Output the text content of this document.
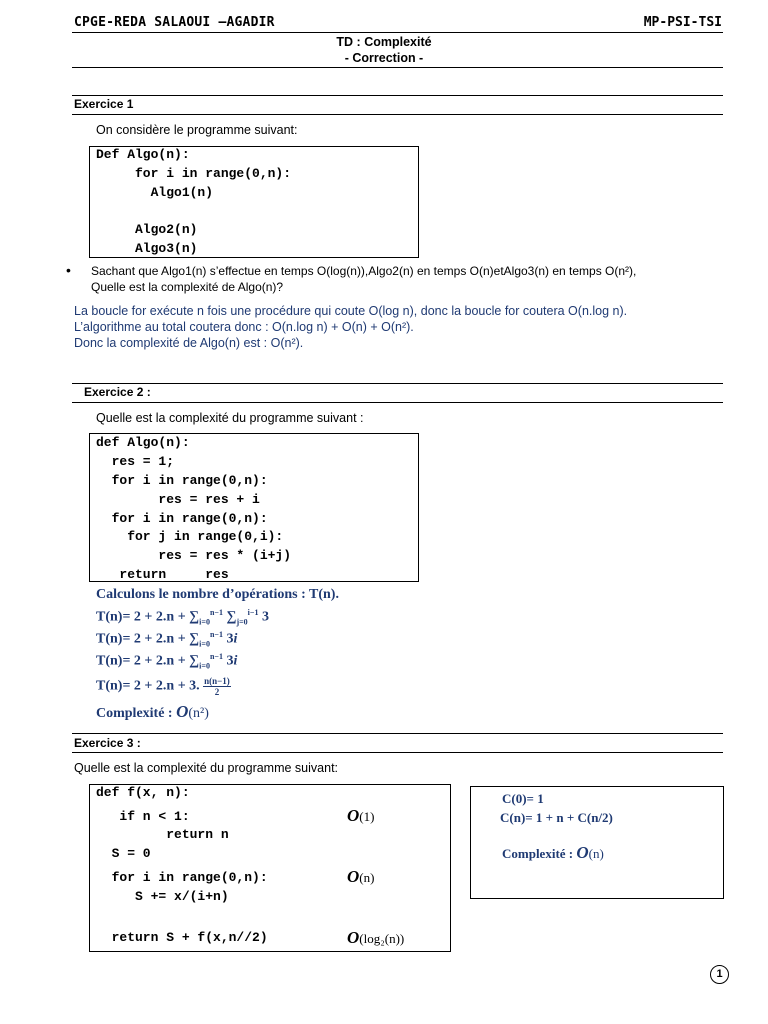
CPGE-REDA SALAOUI –AGADIR	MP-PSI-TSI
TD : Complexité
- Correction -
Exercice 1
On considère le programme suivant:
Def Algo(n):
for i in range(0,n):
Algo1(n)
Algo2(n)
Algo3(n)
• Sachant que Algo1(n) s’effectue en temps O(log(n)),Algo2(n) en temps O(n)etAlgo3(n) en temps O(n²),
Quelle est la complexité de Algo(n)?
La boucle for exécute n fois une procédure qui coute O(log n), donc la boucle for coutera O(n.log n).
L’algorithme au total coutera donc : O(n.log n) + O(n) + O(n²).
Donc la complexité de Algo(n) est : O(n²).
Exercice 2 :
Quelle est la complexité du programme suivant :
def Algo(n):
res = 1;
for i in range(0,n):
res = res + i
for i in range(0,n):
for j in range(0,i):
res = res * (i+j)
return     res
Calculons le nombre d’opérations : T(n).
$T(n)= 2 + 2.n + \sum_{i=0}^{n-1}$ $\sum_{j=0}^{i-1}$ 3
$T(n)= 2 + 2.n + \sum_{i=0}^{n-1}$ 3i
$T(n)= 2 + 2.n + \sum_{i=0}^{n-1}$ 3i
T(n)= 2 + 2.n + 3. $\frac{n(n-1)}{2}$
Complexité : O(n²)
Exercice 3 :
Quelle est la complexité du programme suivant:
def f(x, n):
if n < 1:
return n
S = 0
for i in range(0,n):
S += x/(i+n)
return S + f(x,n//2)
O(1)
O(n)
O(log₂(n))
C(0)= 1
C(n)= 1 + n + C(n/2)
Complexité : O(n)
1
